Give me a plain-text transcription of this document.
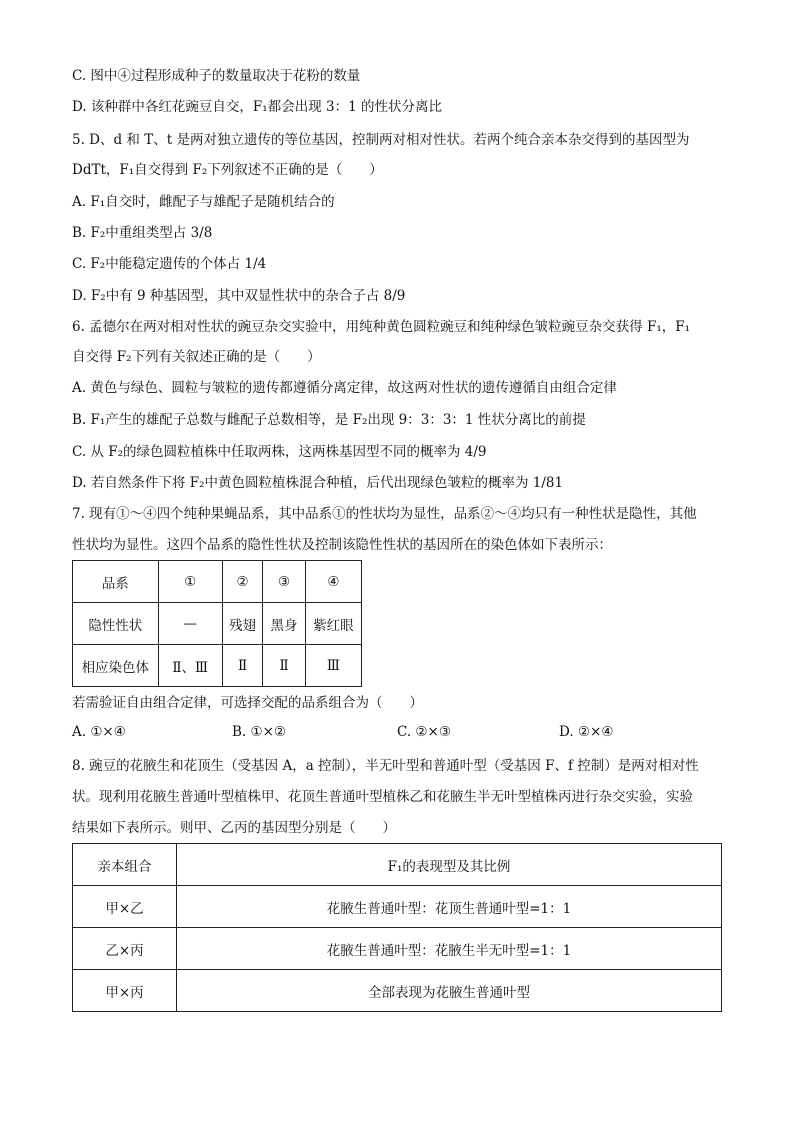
C. 图中④过程形成种子的数量取决于花粉的数量
D. 该种群中各红花豌豆自交，F₁都会出现 3：1 的性状分离比
5. D、d 和 T、t 是两对独立遗传的等位基因，控制两对相对性状。若两个纯合亲本杂交得到的基因型为
DdTt，F₁自交得到 F₂下列叙述不正确的是（　　）
A. F₁自交时，雌配子与雄配子是随机结合的
B. F₂中重组类型占 3/8
C. F₂中能稳定遗传的个体占 1/4
D. F₂中有 9 种基因型，其中双显性状中的杂合子占 8/9
6. 孟德尔在两对相对性状的豌豆杂交实验中，用纯种黄色圆粒豌豆和纯种绿色皱粒豌豆杂交获得 F₁，F₁
自交得 F₂下列有关叙述正确的是（　　）
A. 黄色与绿色、圆粒与皱粒的遗传都遵循分离定律，故这两对性状的遗传遵循自由组合定律
B. F₁产生的雄配子总数与雌配子总数相等，是 F₂出现 9：3：3：1 性状分离比的前提
C. 从 F₂的绿色圆粒植株中任取两株，这两株基因型不同的概率为 4/9
D. 若自然条件下将 F₂中黄色圆粒植株混合种植，后代出现绿色皱粒的概率为 1/81
7. 现有①～④四个纯种果蝇品系，其中品系①的性状均为显性，品系②～④均只有一种性状是隐性，其他
性状均为显性。这四个品系的隐性性状及控制该隐性性状的基因所在的染色体如下表所示：
品系	①	②	③	④
隐性性状	—	残翅	黑身	紫红眼
相应染色体	Ⅱ、Ⅲ	Ⅱ	Ⅱ	Ⅲ
若需验证自由组合定律，可选择交配的品系组合为（　　）
A. ①×④	B. ①×②	C. ②×③	D. ②×④
8. 豌豆的花腋生和花顶生（受基因 A，a 控制），半无叶型和普通叶型（受基因 F、f 控制）是两对相对性
状。现利用花腋生普通叶型植株甲、花顶生普通叶型植株乙和花腋生半无叶型植株丙进行杂交实验，实验
结果如下表所示。则甲、乙丙的基因型分别是（　　）
亲本组合	F₁的表现型及其比例
甲×乙	花腋生普通叶型：花顶生普通叶型=1：1
乙×丙	花腋生普通叶型：花腋生半无叶型=1：1
甲×丙	全部表现为花腋生普通叶型
